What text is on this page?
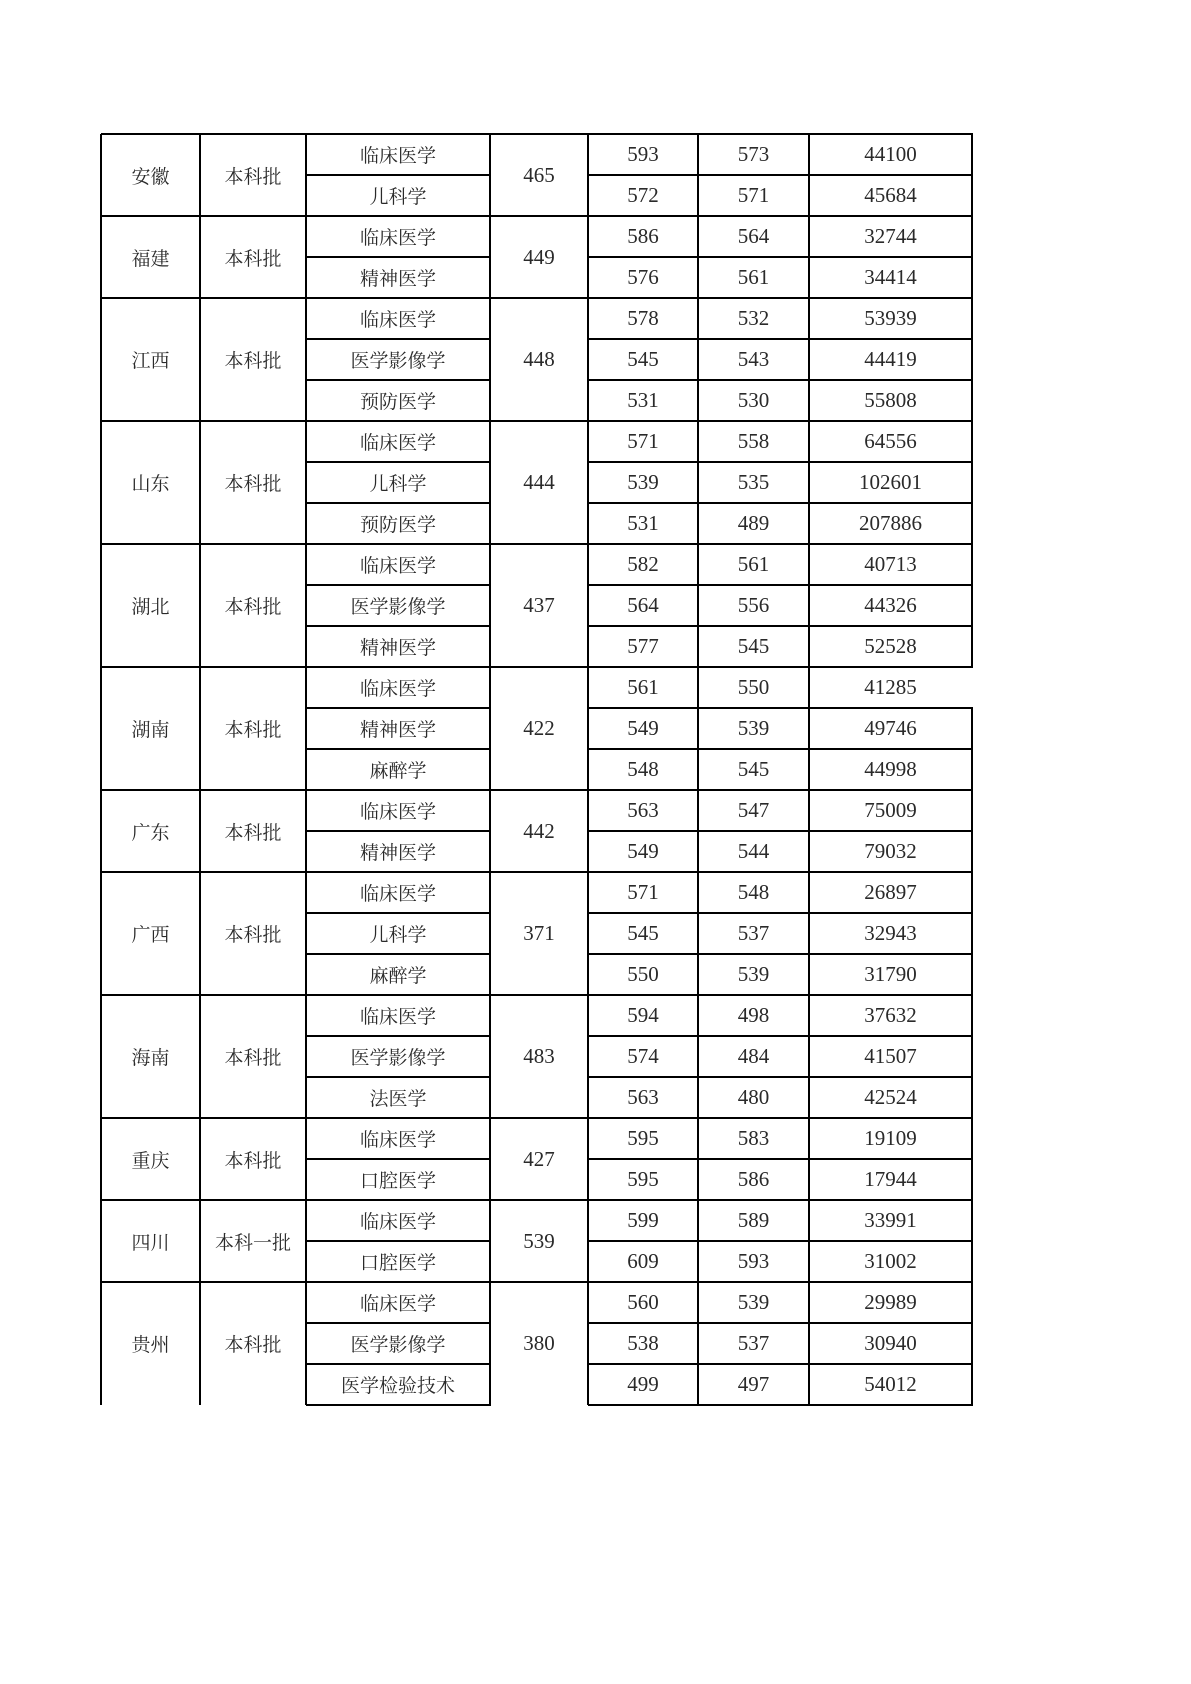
安徽	本科批	465
临床医学	593	573	44100
儿科学	572	571	45684
福建	本科批	449
临床医学	586	564	32744
精神医学	576	561	34414
江西	本科批	448
临床医学	578	532	53939
医学影像学	545	543	44419
预防医学	531	530	55808
山东	本科批	444
临床医学	571	558	64556
儿科学	539	535	102601
预防医学	531	489	207886
湖北	本科批	437
临床医学	582	561	40713
医学影像学	564	556	44326
精神医学	577	545	52528
湖南	本科批	422
临床医学	561	550	41285
精神医学	549	539	49746
麻醉学	548	545	44998
广东	本科批	442
临床医学	563	547	75009
精神医学	549	544	79032
广西	本科批	371
临床医学	571	548	26897
儿科学	545	537	32943
麻醉学	550	539	31790
海南	本科批	483
临床医学	594	498	37632
医学影像学	574	484	41507
法医学	563	480	42524
重庆	本科批	427
临床医学	595	583	19109
口腔医学	595	586	17944
四川	本科一批	539
临床医学	599	589	33991
口腔医学	609	593	31002
贵州	本科批	380
临床医学	560	539	29989
医学影像学	538	537	30940
医学检验技术	499	497	54012
